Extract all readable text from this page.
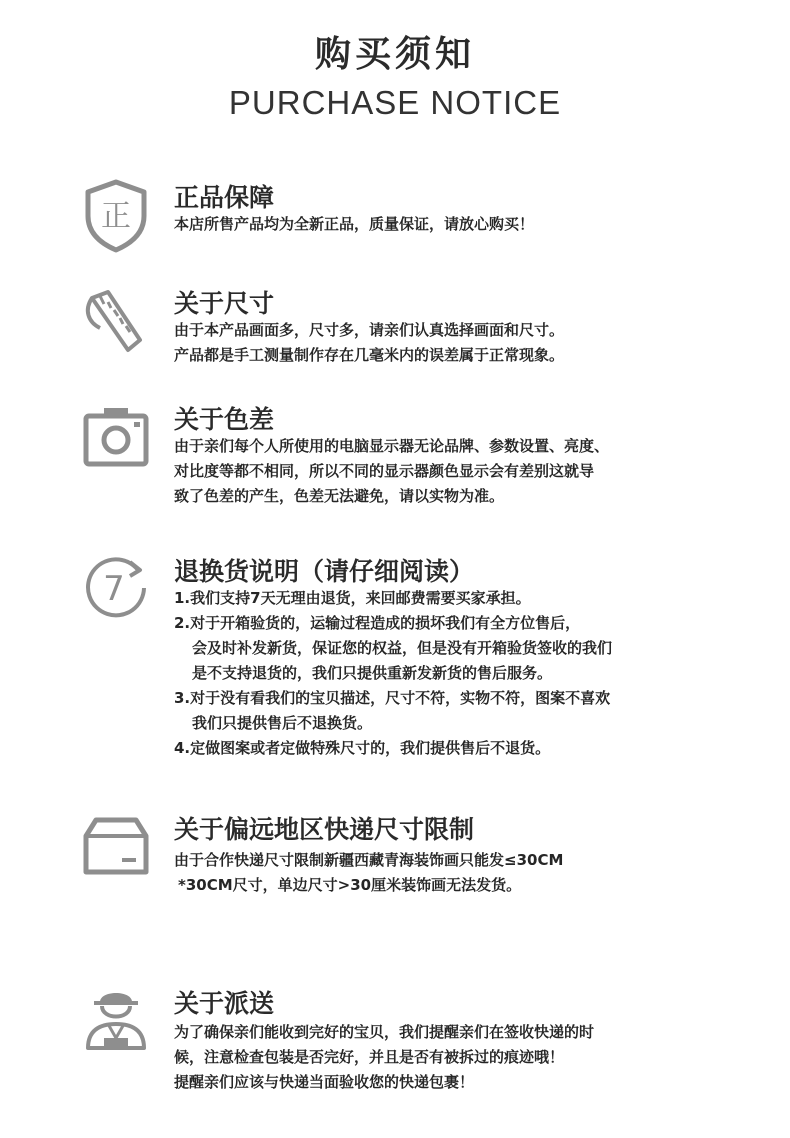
购买须知
PURCHASE NOTICE
正
正品保障
本店所售产品均为全新正品，质量保证，请放心购买！
关于尺寸
由于本产品画面多，尺寸多，请亲们认真选择画面和尺寸。
产品都是手工测量制作存在几毫米内的误差属于正常现象。
关于色差
由于亲们每个人所使用的电脑显示器无论品牌、参数设置、亮度、
对比度等都不相同，所以不同的显示器颜色显示会有差别这就导
致了色差的产生，色差无法避免，请以实物为准。
7 退换货说明（请仔细阅读）
1.我们支持7天无理由退货，来回邮费需要买家承担。
2.对于开箱验货的，运输过程造成的损坏我们有全方位售后，
会及时补发新货，保证您的权益，但是没有开箱验货签收的我们
是不支持退货的，我们只提供重新发新货的售后服务。
3.对于没有看我们的宝贝描述，尺寸不符，实物不符，图案不喜欢
我们只提供售后不退换货。
4.定做图案或者定做特殊尺寸的，我们提供售后不退货。
关于偏远地区快递尺寸限制
由于合作快递尺寸限制新疆西藏青海装饰画只能发≤30CM
*30CM尺寸，单边尺寸>30厘米装饰画无法发货。
关于派送
为了确保亲们能收到完好的宝贝，我们提醒亲们在签收快递的时
候，注意检查包装是否完好，并且是否有被拆过的痕迹哦！
提醒亲们应该与快递当面验收您的快递包裹！
